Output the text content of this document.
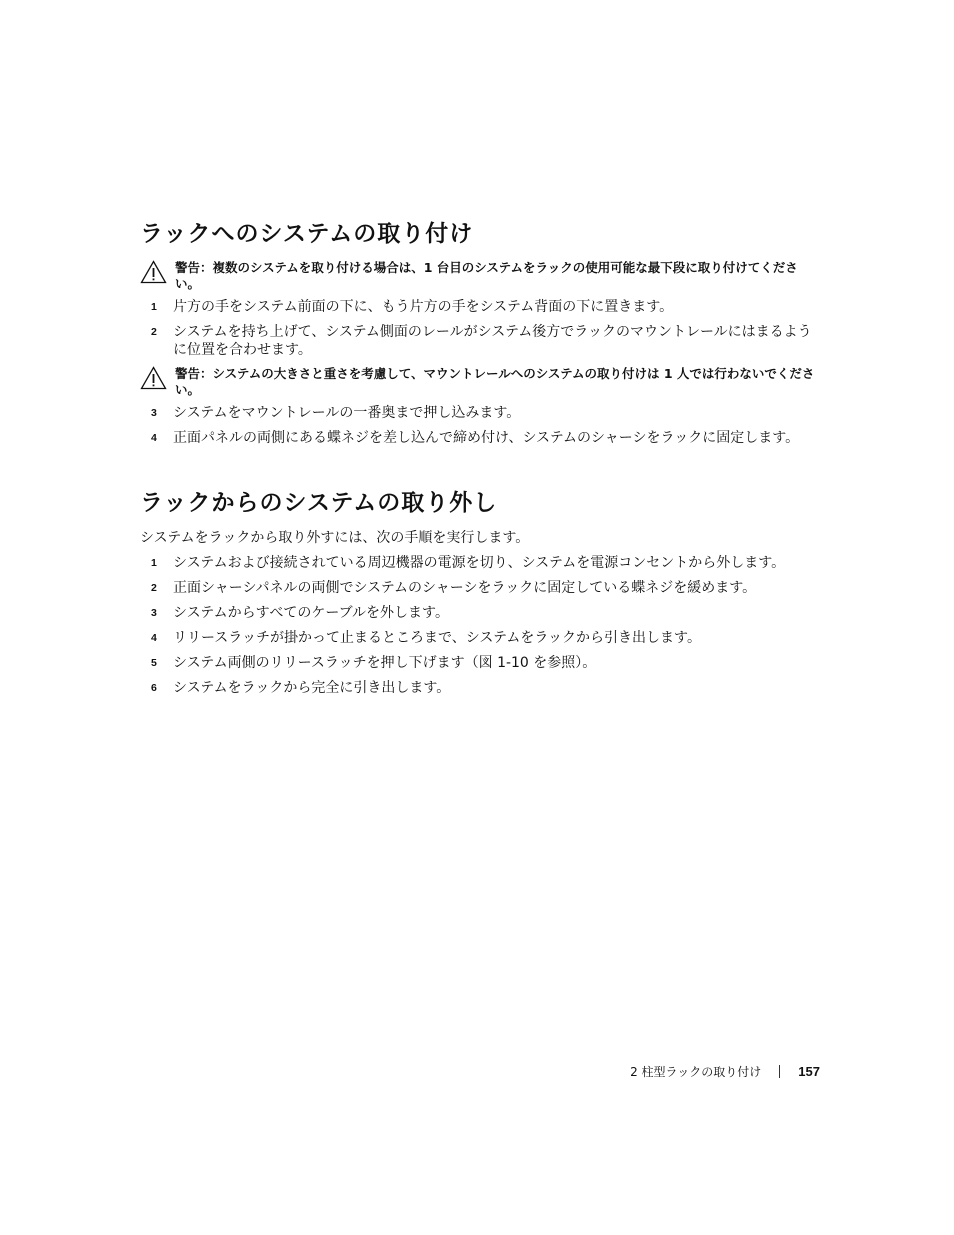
ラックへのシステムの取り付け
警告：複数のシステムを取り付ける場合は、1 台目のシステムをラックの使用可能な最下段に取り付けてください。
1 片方の手をシステム前面の下に、もう片方の手をシステム背面の下に置きます。
2 システムを持ち上げて、システム側面のレールがシステム後方でラックのマウントレールにはまるように位置を合わせます。
警告：システムの大きさと重さを考慮して、マウントレールへのシステムの取り付けは 1 人では行わないでください。
3 システムをマウントレールの一番奥まで押し込みます。
4 正面パネルの両側にある蝶ネジを差し込んで締め付け、システムのシャーシをラックに固定します。
ラックからのシステムの取り外し

システムをラックから取り外すには、次の手順を実行します。

1 システムおよび接続されている周辺機器の電源を切り、システムを電源コンセントから外します。
2 正面シャーシパネルの両側でシステムのシャーシをラックに固定している蝶ネジを緩めます。
3 システムからすべてのケーブルを外します。
4 リリースラッチが掛かって止まるところまで、システムをラックから引き出します。
5 システム両側のリリースラッチを押し下げます（図 1-10 を参照）。
6 システムをラックから完全に引き出します。
2 柱型ラックの取り付け	157
